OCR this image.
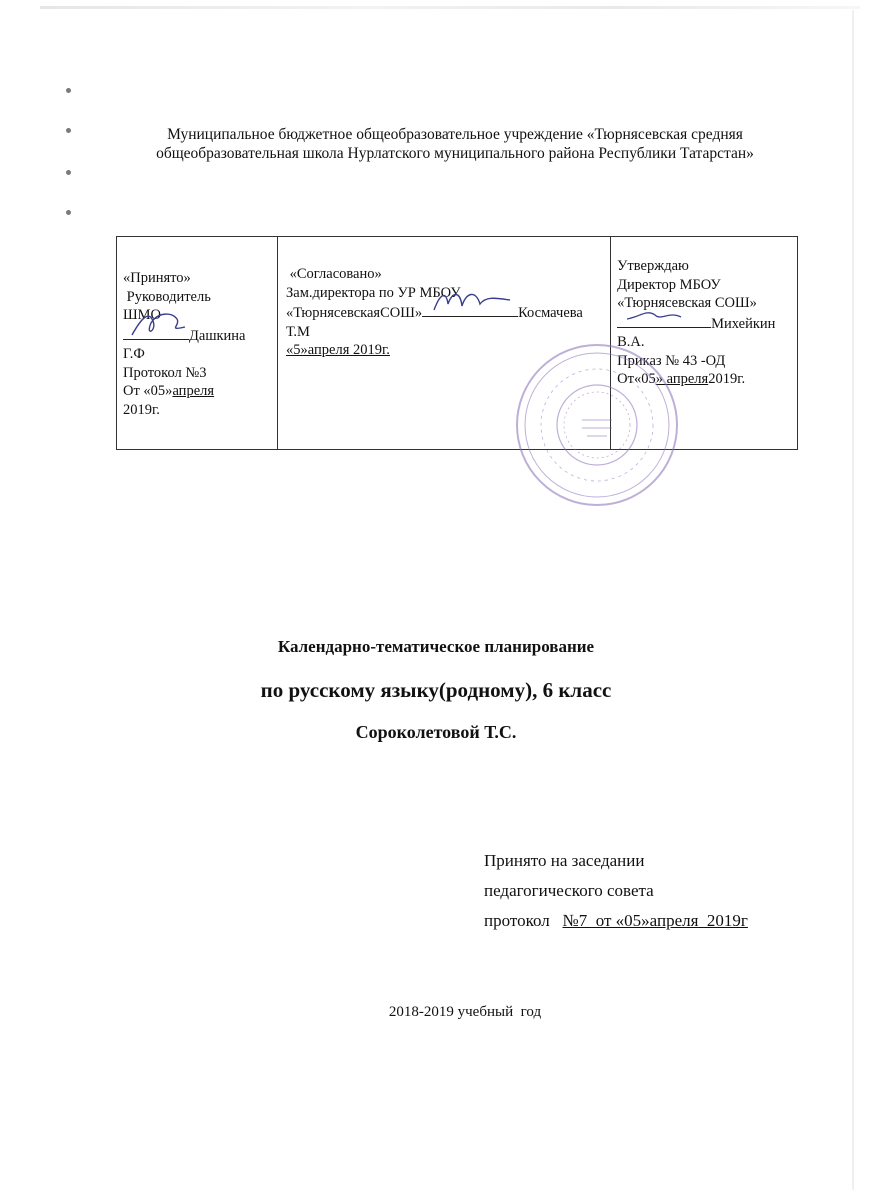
Муниципальное бюджетное общеобразовательное учреждение «Тюрнясевская средняя
общеобразовательная школа Нурлатского муниципального района Республики Татарстан»
«Принято»
Руководитель
ШМО
Дашкина
Г.Ф
Протокол №3
От «05»апреля
2019г.

«Согласовано»
Зам.директора по УР МБОУ
«ТюрнясевскаяСОШ»	Космачева
Т.М
«5»апреля 2019г.

Утверждаю
Директор МБОУ
«Тюрнясевская СОШ»
Михейкин
В.А.
Приказ № 43 -ОД
От«05» апреля2019г.
Календарно-тематическое планирование
по русскому языку(родному), 6 класс
Сороколетовой Т.С.
Принято на заседании
педагогического совета
протокол   №7  от «05»апреля  2019г
2018-2019 учебный  год
